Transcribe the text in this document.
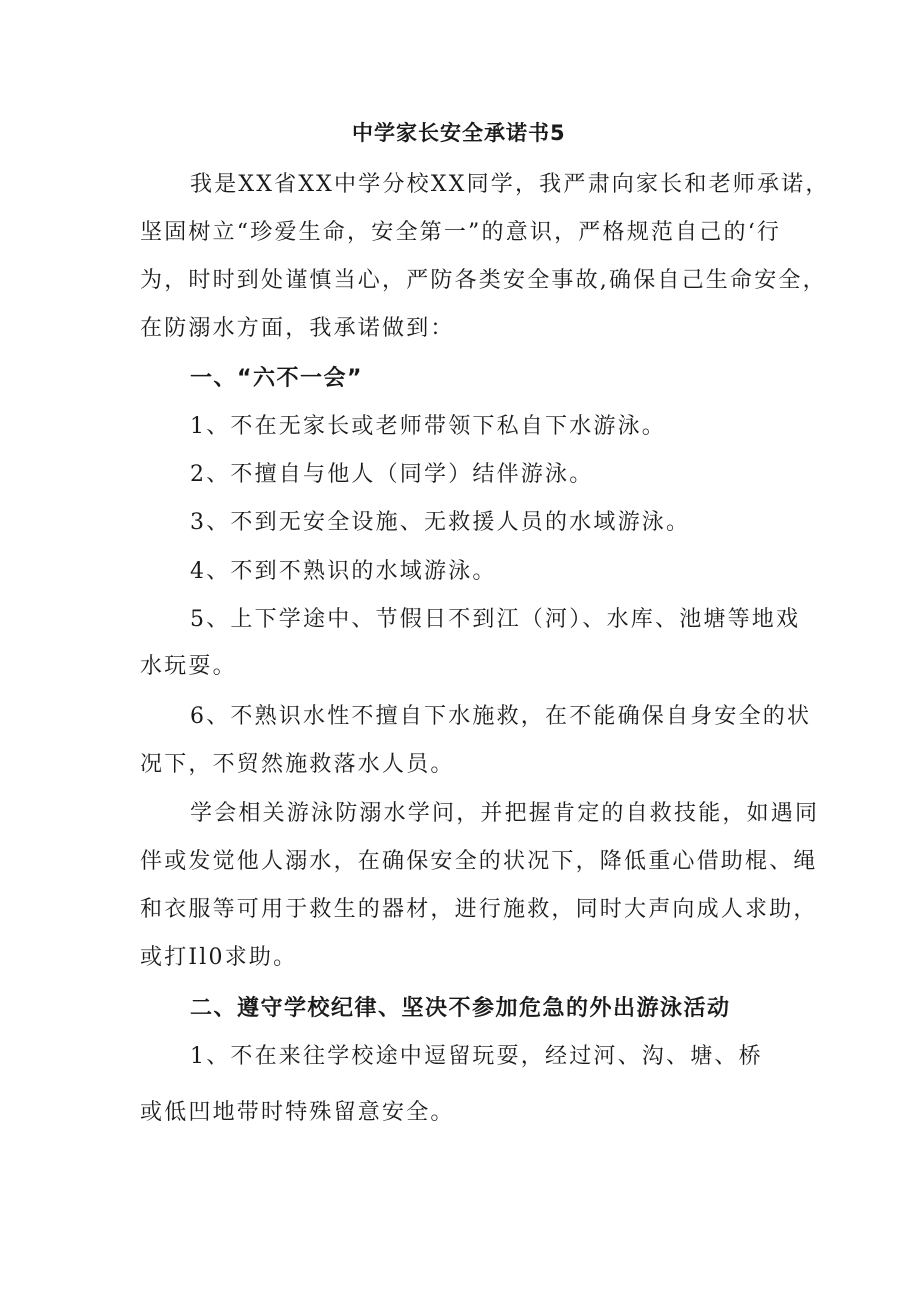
中学家长安全承诺书5
我是XX省XX中学分校XX同学，我严肃向家长和老师承诺，
坚固树立“珍爱生命，安全第一”的意识，严格规范自己的‘行
为，时时到处谨慎当心，严防各类安全事故,确保自己生命安全，
在防溺水方面，我承诺做到：
一、“六不一会”
1、不在无家长或老师带领下私自下水游泳。
2、不擅自与他人（同学）结伴游泳。
3、不到无安全设施、无救援人员的水域游泳。
4、不到不熟识的水域游泳。
5、上下学途中、节假日不到江（河）、水库、池塘等地戏
水玩耍。
6、不熟识水性不擅自下水施救，在不能确保自身安全的状
况下，不贸然施救落水人员。
学会相关游泳防溺水学问，并把握肯定的自救技能，如遇同
伴或发觉他人溺水，在确保安全的状况下，降低重心借助棍、绳
和衣服等可用于救生的器材，进行施救，同时大声向成人求助，
或打Il0求助。
二、遵守学校纪律、坚决不参加危急的外出游泳活动
1、不在来往学校途中逗留玩耍，经过河、沟、塘、桥
或低凹地带时特殊留意安全。
